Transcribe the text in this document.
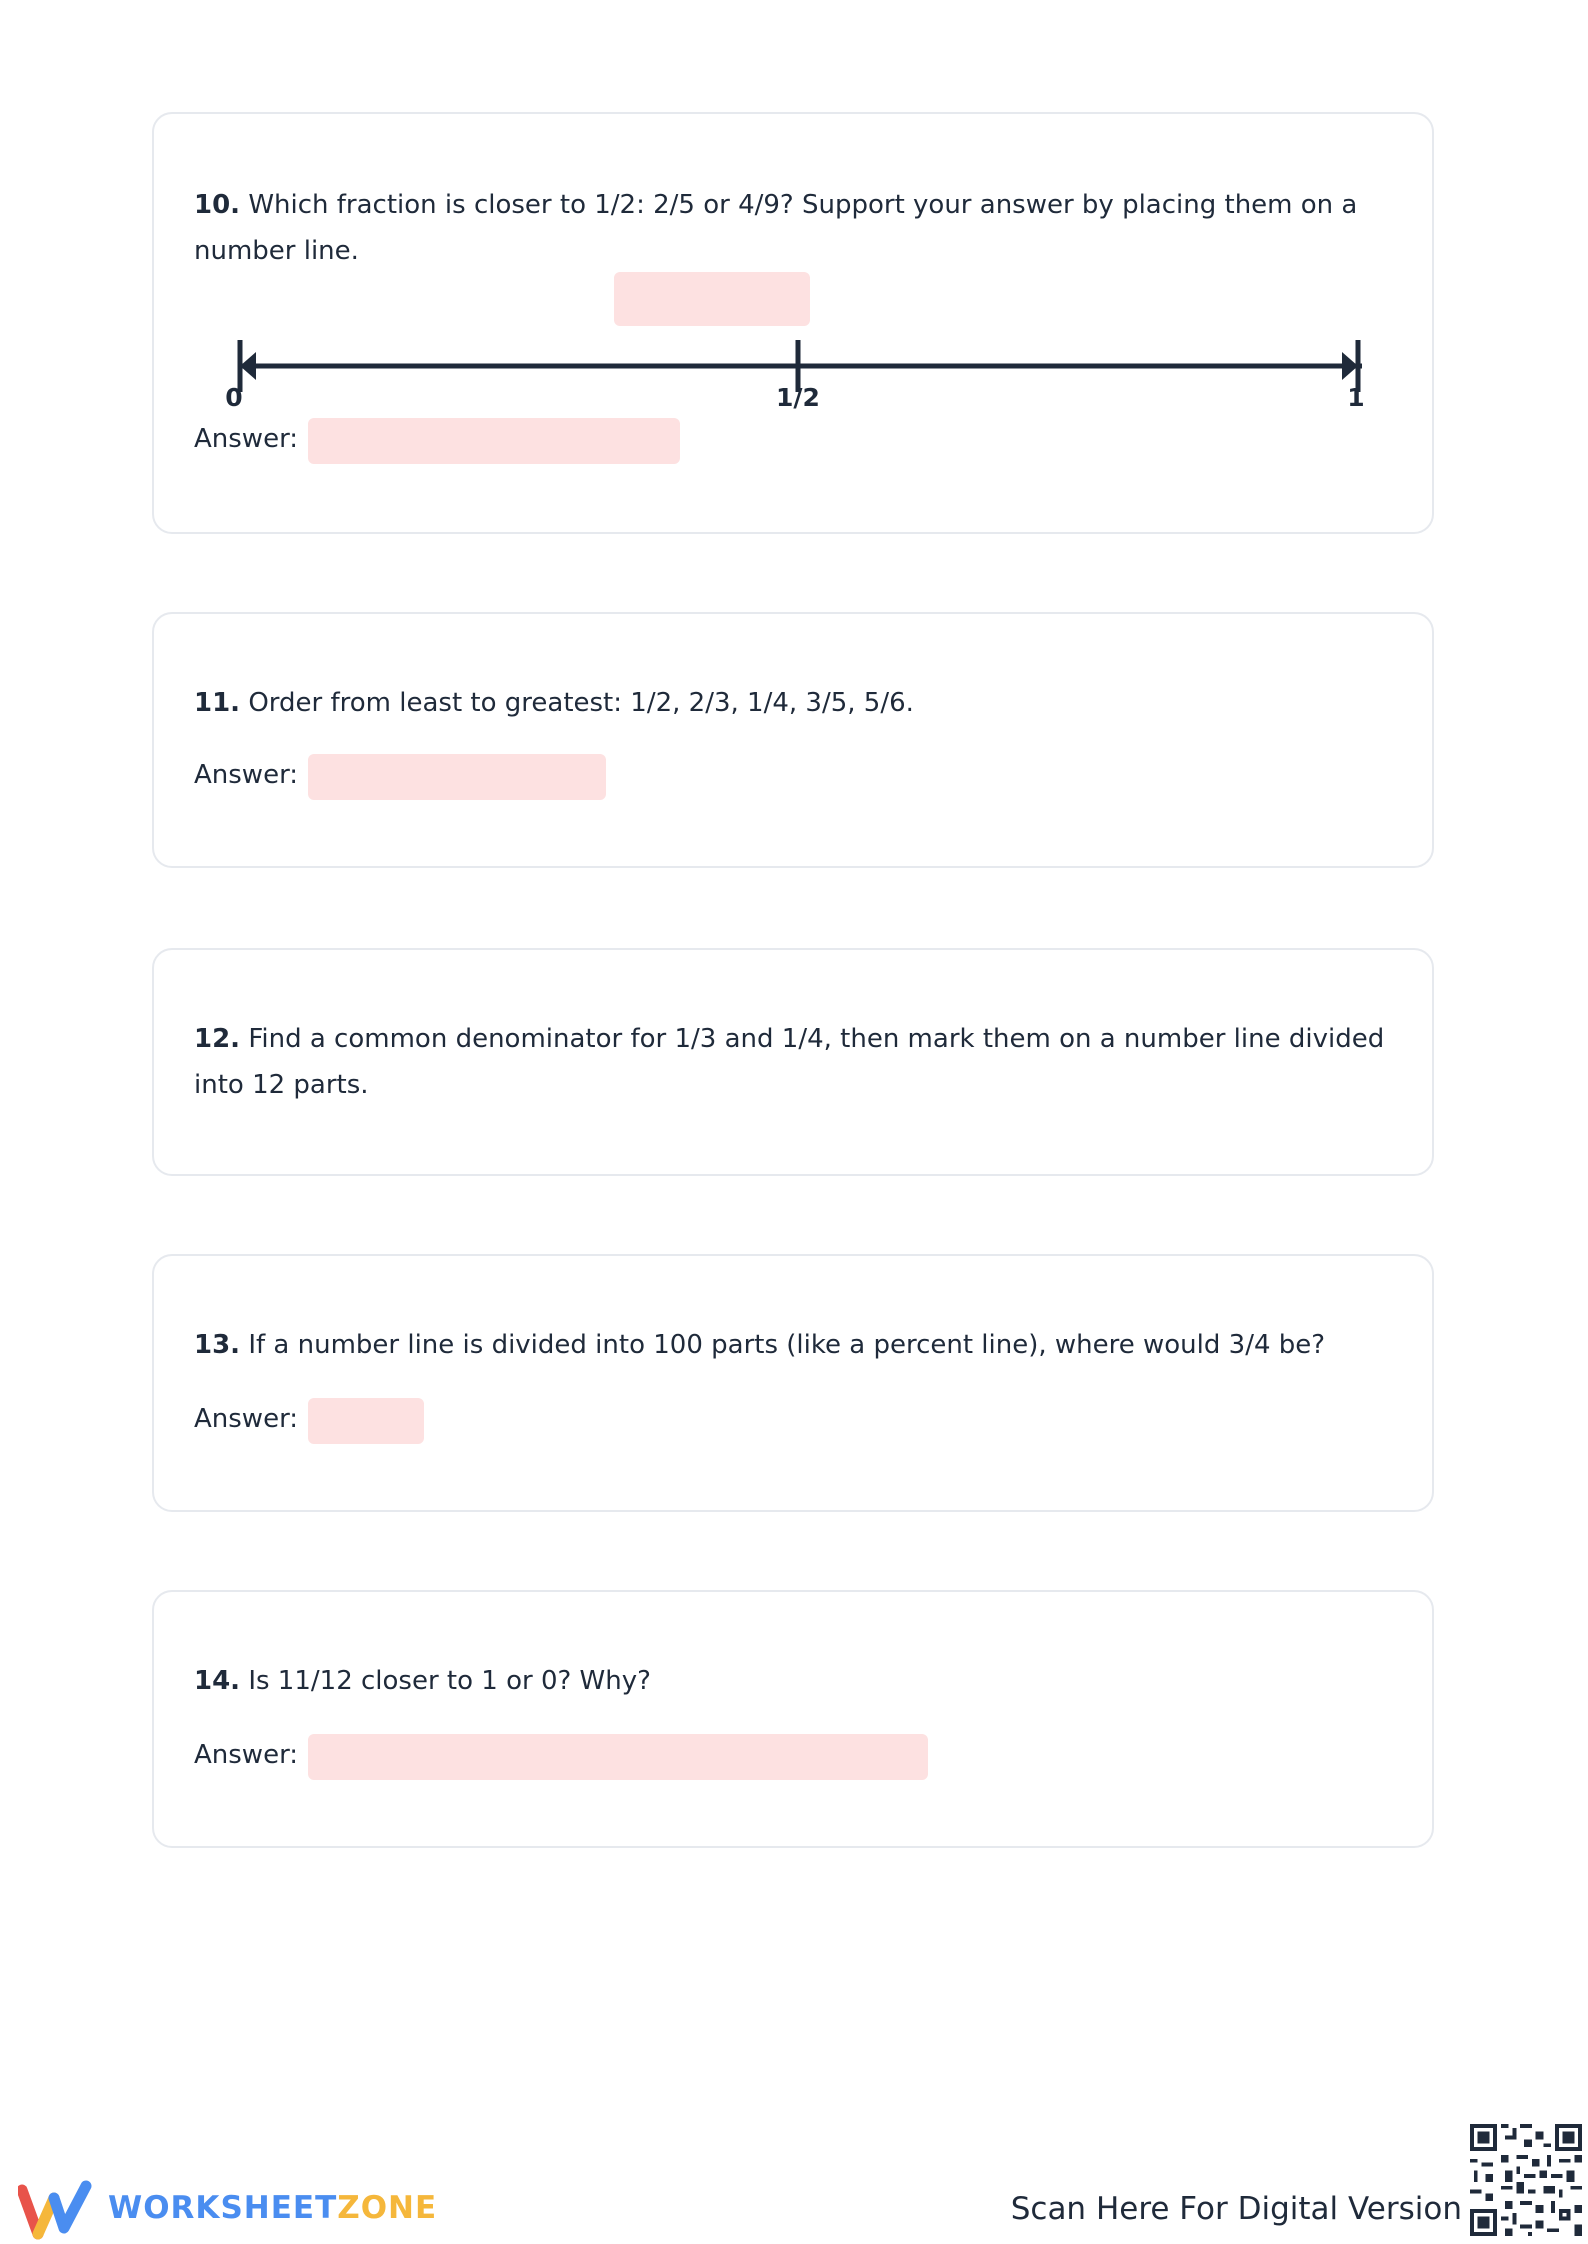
10. Which fraction is closer to 1/2: 2/5 or 4/9? Support your answer by placing them on a number line.
0	1/2	1
Answer:
11. Order from least to greatest: 1/2, 2/3, 1/4, 3/5, 5/6.
Answer:
12. Find a common denominator for 1/3 and 1/4, then mark them on a number line divided into 12 parts.
13. If a number line is divided into 100 parts (like a percent line), where would 3/4 be?
Answer:
14. Is 11/12 closer to 1 or 0? Why?
Answer:
WORKSHEETZONE	Scan Here For Digital Version
